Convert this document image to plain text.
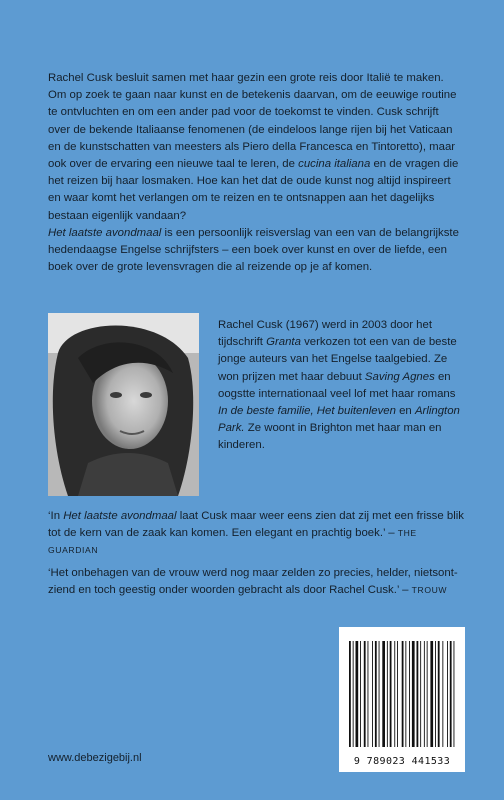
Rachel Cusk besluit samen met haar gezin een grote reis door Italië te maken. Om op zoek te gaan naar kunst en de betekenis daarvan, om de eeuwige routine te ontvluchten en om een ander pad voor de toekomst te vinden. Cusk schrijft over de bekende Italiaanse fenomenen (de eindeloos lange rijen bij het Vaticaan en de kunstschatten van meesters als Piero della Francesca en Tintoretto), maar ook over de ervaring een nieuwe taal te leren, de cucina italiana en de vragen die het reizen bij haar losmaken. Hoe kan het dat de oude kunst nog altijd inspireert en waar komt het verlangen om te reizen en te ontsnappen aan het dagelijks bestaan eigenlijk vandaan?

Het laatste avondmaal is een persoonlijk reisverslag van een van de belangrijkste hedendaagse Engelse schrijfsters – een boek over kunst en over de liefde, een boek over de grote levensvragen die al reizende op je af komen.

Rachel Cusk (1967) werd in 2003 door het tijdschrift Granta verkozen tot een van de beste jonge auteurs van het Engelse taalgebied. Ze won prijzen met haar debuut Saving Agnes en oogstte internationaal veel lof met haar romans In de beste familie, Het buitenleven en Arlington Park. Ze woont in Brighton met haar man en kinderen.

‘In Het laatste avondmaal laat Cusk maar weer eens zien dat zij met een frisse blik tot de kern van de zaak kan komen. Een elegant en prachtig boek.’ – THE GUARDIAN

‘Het onbehagen van de vrouw werd nog maar zelden zo precies, helder, nietsontziend en toch geestig onder woorden gebracht als door Rachel Cusk.’ – TROUW

9 789023 441533
www.debezigebij.nl
